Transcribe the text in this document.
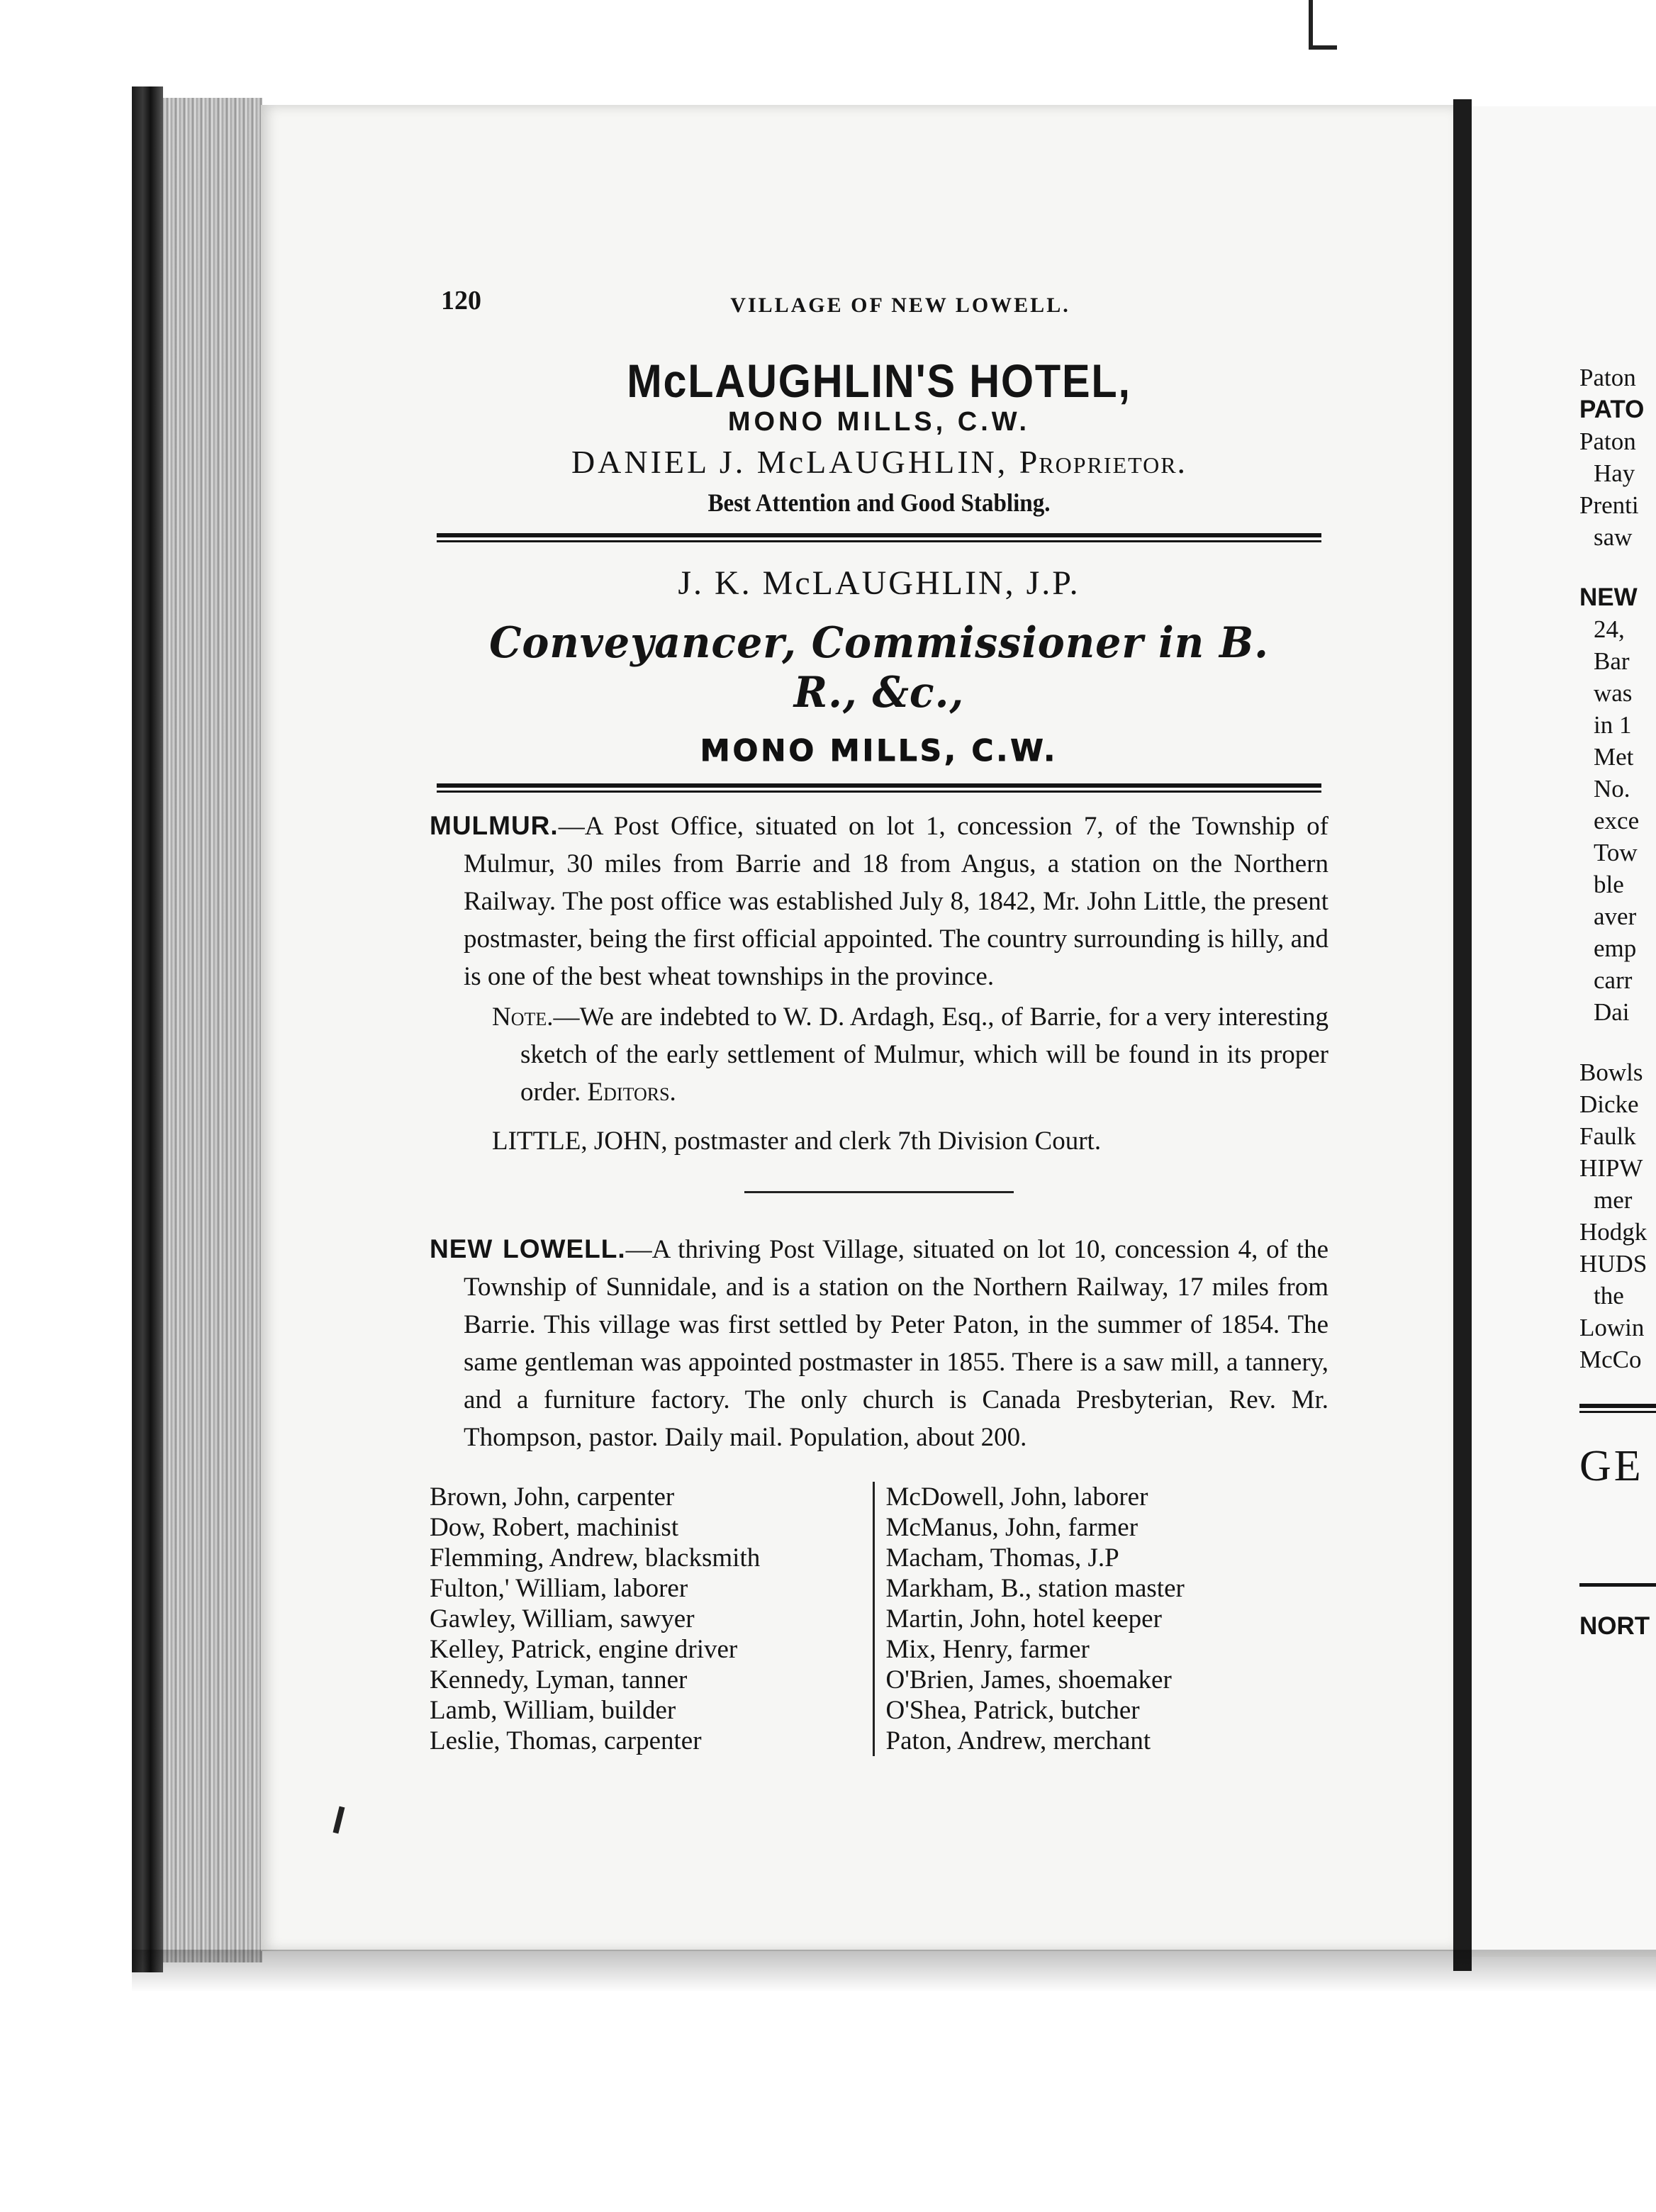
120	VILLAGE OF NEW LOWELL.
McLAUGHLIN'S HOTEL,
MONO MILLS, C.W.
DANIEL J. McLAUGHLIN, Proprietor.
Best Attention and Good Stabling.
J. K. McLAUGHLIN, J.P.
Conveyancer, Commissioner in B. R., &c.,
MONO MILLS, C.W.

MULMUR.—A Post Office, situated on lot 1, concession 7, of the Township of Mulmur, 30 miles from Barrie and 18 from Angus, a station on the Northern Railway. The post office was established July 8, 1842, Mr. John Little, the present postmaster, being the first official appointed. The country surrounding is hilly, and is one of the best wheat townships in the province.

Note.—We are indebted to W. D. Ardagh, Esq., of Barrie, for a very interesting sketch of the early settlement of Mulmur, which will be found in its proper order. Editors.
LITTLE, JOHN, postmaster and clerk 7th Division Court.

NEW LOWELL.—A thriving Post Village, situated on lot 10, concession 4, of the Township of Sunnidale, and is a station on the Northern Railway, 17 miles from Barrie. This village was first settled by Peter Paton, in the summer of 1854. The same gentleman was appointed postmaster in 1855. There is a saw mill, a tannery, and a furniture factory. The only church is Canada Presbyterian, Rev. Mr. Thompson, pastor. Daily mail. Population, about 200.

Brown, John, carpenter
Dow, Robert, machinist
Flemming, Andrew, blacksmith
Fulton,' William, laborer
Gawley, William, sawyer
Kelley, Patrick, engine driver
Kennedy, Lyman, tanner
Lamb, William, builder
Leslie, Thomas, carpenter
McDowell, John, laborer
McManus, John, farmer
Macham, Thomas, J.P
Markham, B., station master
Martin, John, hotel keeper
Mix, Henry, farmer
O'Brien, James, shoemaker
O'Shea, Patrick, butcher
Paton, Andrew, merchant
Paton
PATO
Paton
Hay
Prenti
saw
NEW
24,
Bar
was
in 1
Met
No.
exce
Tow
ble
aver
emp
carr
Dai
Bowls
Dicke
Faulk
HIPW
mer
Hodgk
HUDS
the
Lowin
McCo
GE
NORT
